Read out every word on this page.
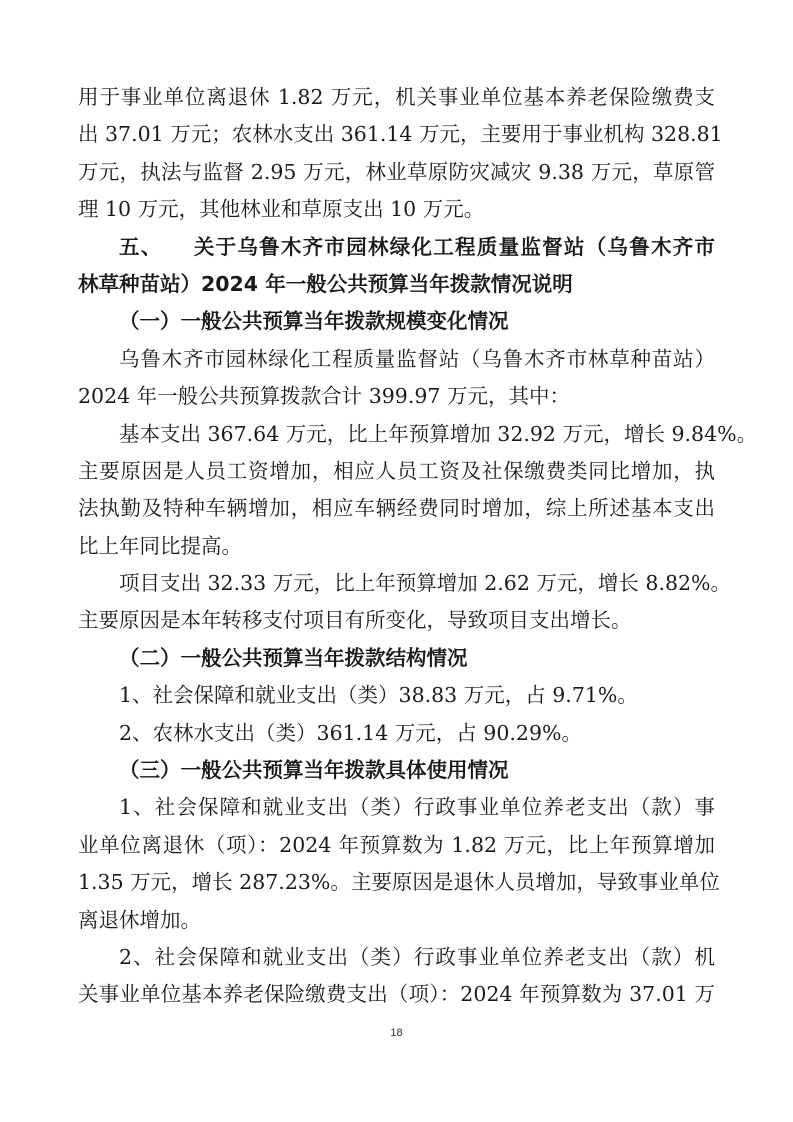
用于事业单位离退休 1.82 万元，机关事业单位基本养老保险缴费支

出 37.01 万元；农林水支出 361.14 万元，主要用于事业机构 328.81

万元，执法与监督 2.95 万元，林业草原防灾减灾 9.38 万元，草原管

理 10 万元，其他林业和草原支出 10 万元。

五、 关于乌鲁木齐市园林绿化工程质量监督站（乌鲁木齐市

林草种苗站）2024 年一般公共预算当年拨款情况说明

（一）一般公共预算当年拨款规模变化情况

乌鲁木齐市园林绿化工程质量监督站（乌鲁木齐市林草种苗站）

2024 年一般公共预算拨款合计 399.97 万元，其中：

基本支出 367.64 万元，比上年预算增加 32.92 万元，增长 9.84%。

主要原因是人员工资增加，相应人员工资及社保缴费类同比增加，执

法执勤及特种车辆增加，相应车辆经费同时增加，综上所述基本支出

比上年同比提高。

项目支出 32.33 万元，比上年预算增加 2.62 万元，增长 8.82%。

主要原因是本年转移支付项目有所变化，导致项目支出增长。

（二）一般公共预算当年拨款结构情况

1、社会保障和就业支出（类）38.83 万元，占 9.71%。

2、农林水支出（类）361.14 万元，占 90.29%。

（三）一般公共预算当年拨款具体使用情况

1、社会保障和就业支出（类）行政事业单位养老支出（款）事

业单位离退休（项）：2024 年预算数为 1.82 万元，比上年预算增加

1.35 万元，增长 287.23%。主要原因是退休人员增加，导致事业单位

离退休增加。

2、社会保障和就业支出（类）行政事业单位养老支出（款）机

关事业单位基本养老保险缴费支出（项）：2024 年预算数为 37.01 万

18
